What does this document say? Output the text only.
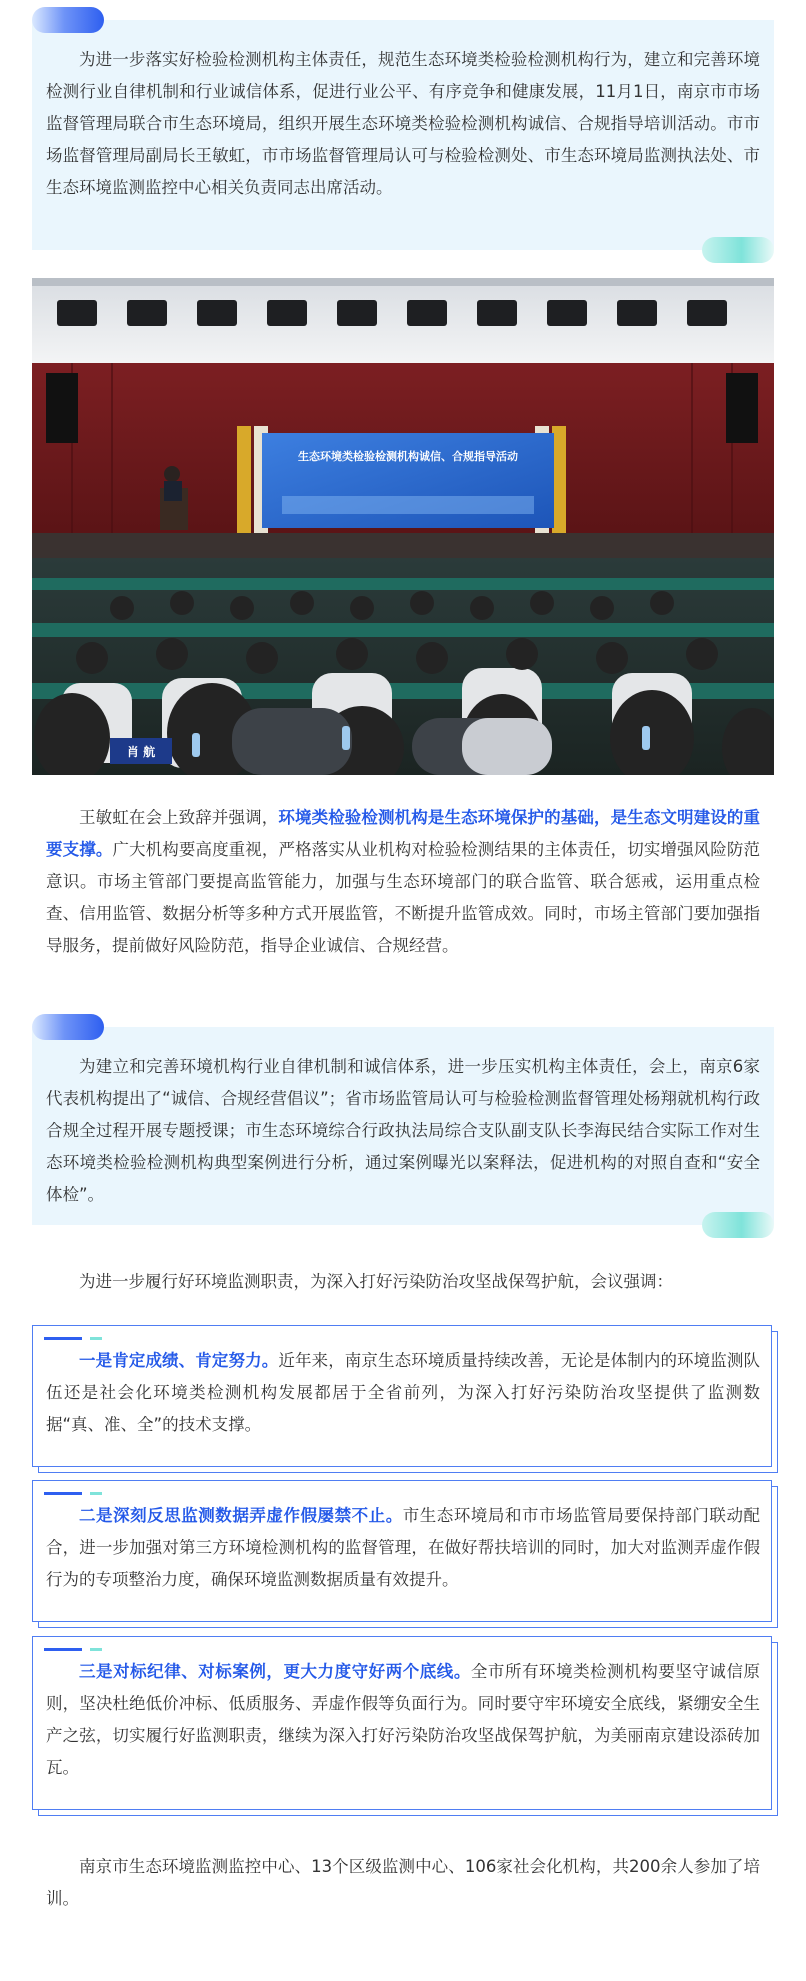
为进一步落实好检验检测机构主体责任，规范生态环境类检验检测机构行为，建立和完善环境检测行业自律机制和行业诚信体系，促进行业公平、有序竞争和健康发展，11月1日，南京市市场监督管理局联合市生态环境局，组织开展生态环境类检验检测机构诚信、合规指导培训活动。市市场监督管理局副局长王敏虹，市市场监督管理局认可与检验检测处、市生态环境局监测执法处、市生态环境监测监控中心相关负责同志出席活动。

生态环境类检验检测机构诚信、合规指导活动
肖 航

王敏虹在会上致辞并强调，环境类检验检测机构是生态环境保护的基础，是生态文明建设的重要支撑。广大机构要高度重视，严格落实从业机构对检验检测结果的主体责任，切实增强风险防范意识。市场主管部门要提高监管能力，加强与生态环境部门的联合监管、联合惩戒，运用重点检查、信用监管、数据分析等多种方式开展监管，不断提升监管成效。同时，市场主管部门要加强指导服务，提前做好风险防范，指导企业诚信、合规经营。

为建立和完善环境机构行业自律机制和诚信体系，进一步压实机构主体责任，会上，南京6家代表机构提出了“诚信、合规经营倡议”；省市场监管局认可与检验检测监督管理处杨翔就机构行政合规全过程开展专题授课；市生态环境综合行政执法局综合支队副支队长李海民结合实际工作对生态环境类检验检测机构典型案例进行分析，通过案例曝光以案释法，促进机构的对照自查和“安全体检”。

为进一步履行好环境监测职责，为深入打好污染防治攻坚战保驾护航，会议强调：

一是肯定成绩、肯定努力。近年来，南京生态环境质量持续改善，无论是体制内的环境监测队伍还是社会化环境类检测机构发展都居于全省前列，为深入打好污染防治攻坚提供了监测数据“真、准、全”的技术支撑。

二是深刻反思监测数据弄虚作假屡禁不止。市生态环境局和市市场监管局要保持部门联动配合，进一步加强对第三方环境检测机构的监督管理，在做好帮扶培训的同时，加大对监测弄虚作假行为的专项整治力度，确保环境监测数据质量有效提升。

三是对标纪律、对标案例，更大力度守好两个底线。全市所有环境类检测机构要坚守诚信原则，坚决杜绝低价冲标、低质服务、弄虚作假等负面行为。同时要守牢环境安全底线，紧绷安全生产之弦，切实履行好监测职责，继续为深入打好污染防治攻坚战保驾护航，为美丽南京建设添砖加瓦。

南京市生态环境监测监控中心、13个区级监测中心、106家社会化机构，共200余人参加了培训。
